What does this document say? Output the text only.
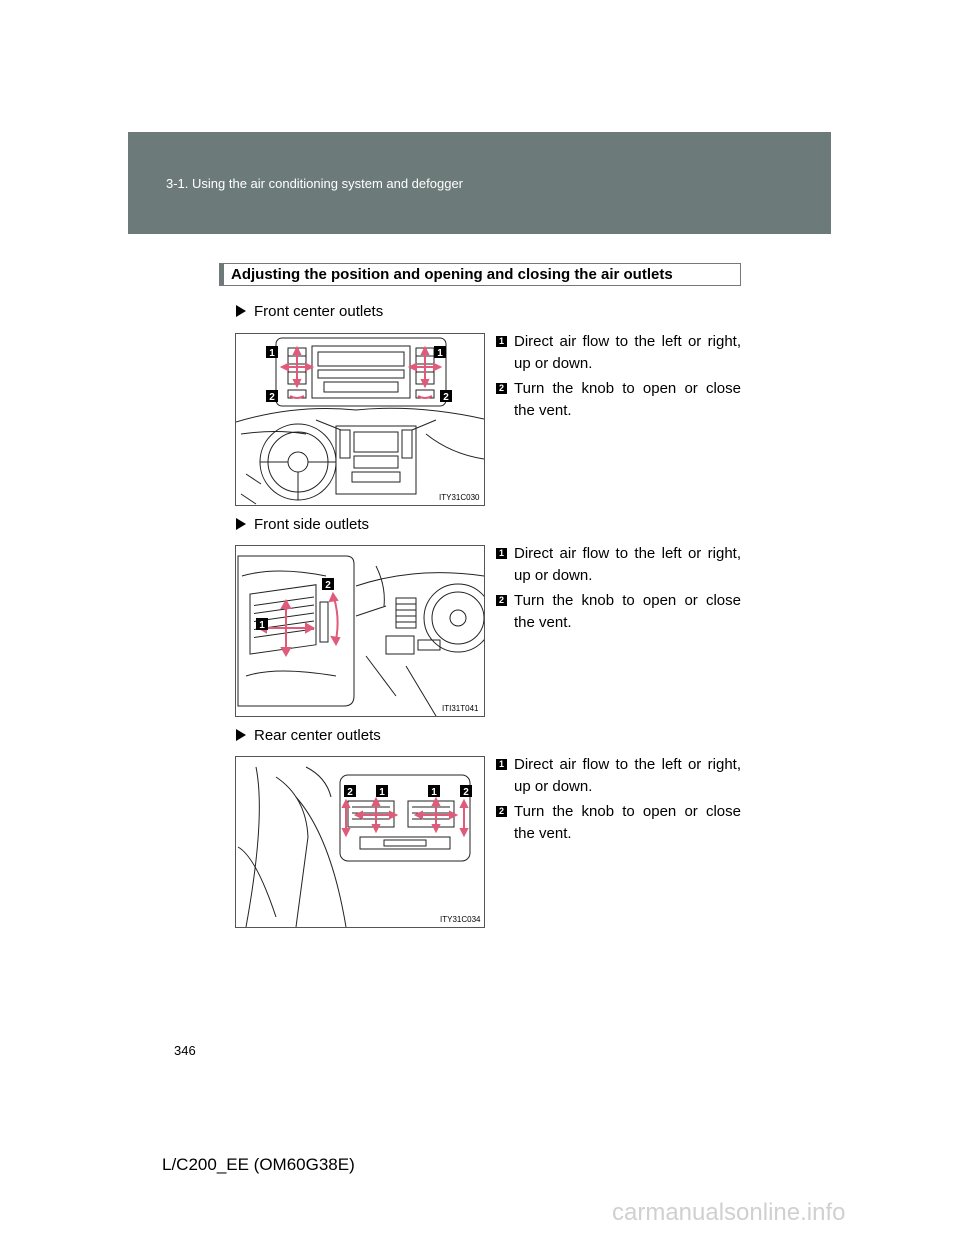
3-1. Using the air conditioning system and defogger
Adjusting the position and opening and closing the air outlets
Front center outlets
1	1
2	2
ITY31C030
1 Direct air flow to the left or right, up or down.
2 Turn the knob to open or close the vent.
Front side outlets
2
1
ITI31T041
1 Direct air flow to the left or right, up or down.
2 Turn the knob to open or close the vent.
Rear center outlets
2	1	1	2
ITY31C034
1 Direct air flow to the left or right, up or down.
2 Turn the knob to open or close the vent.
346
L/C200_EE (OM60G38E)
carmanualsonline.info
